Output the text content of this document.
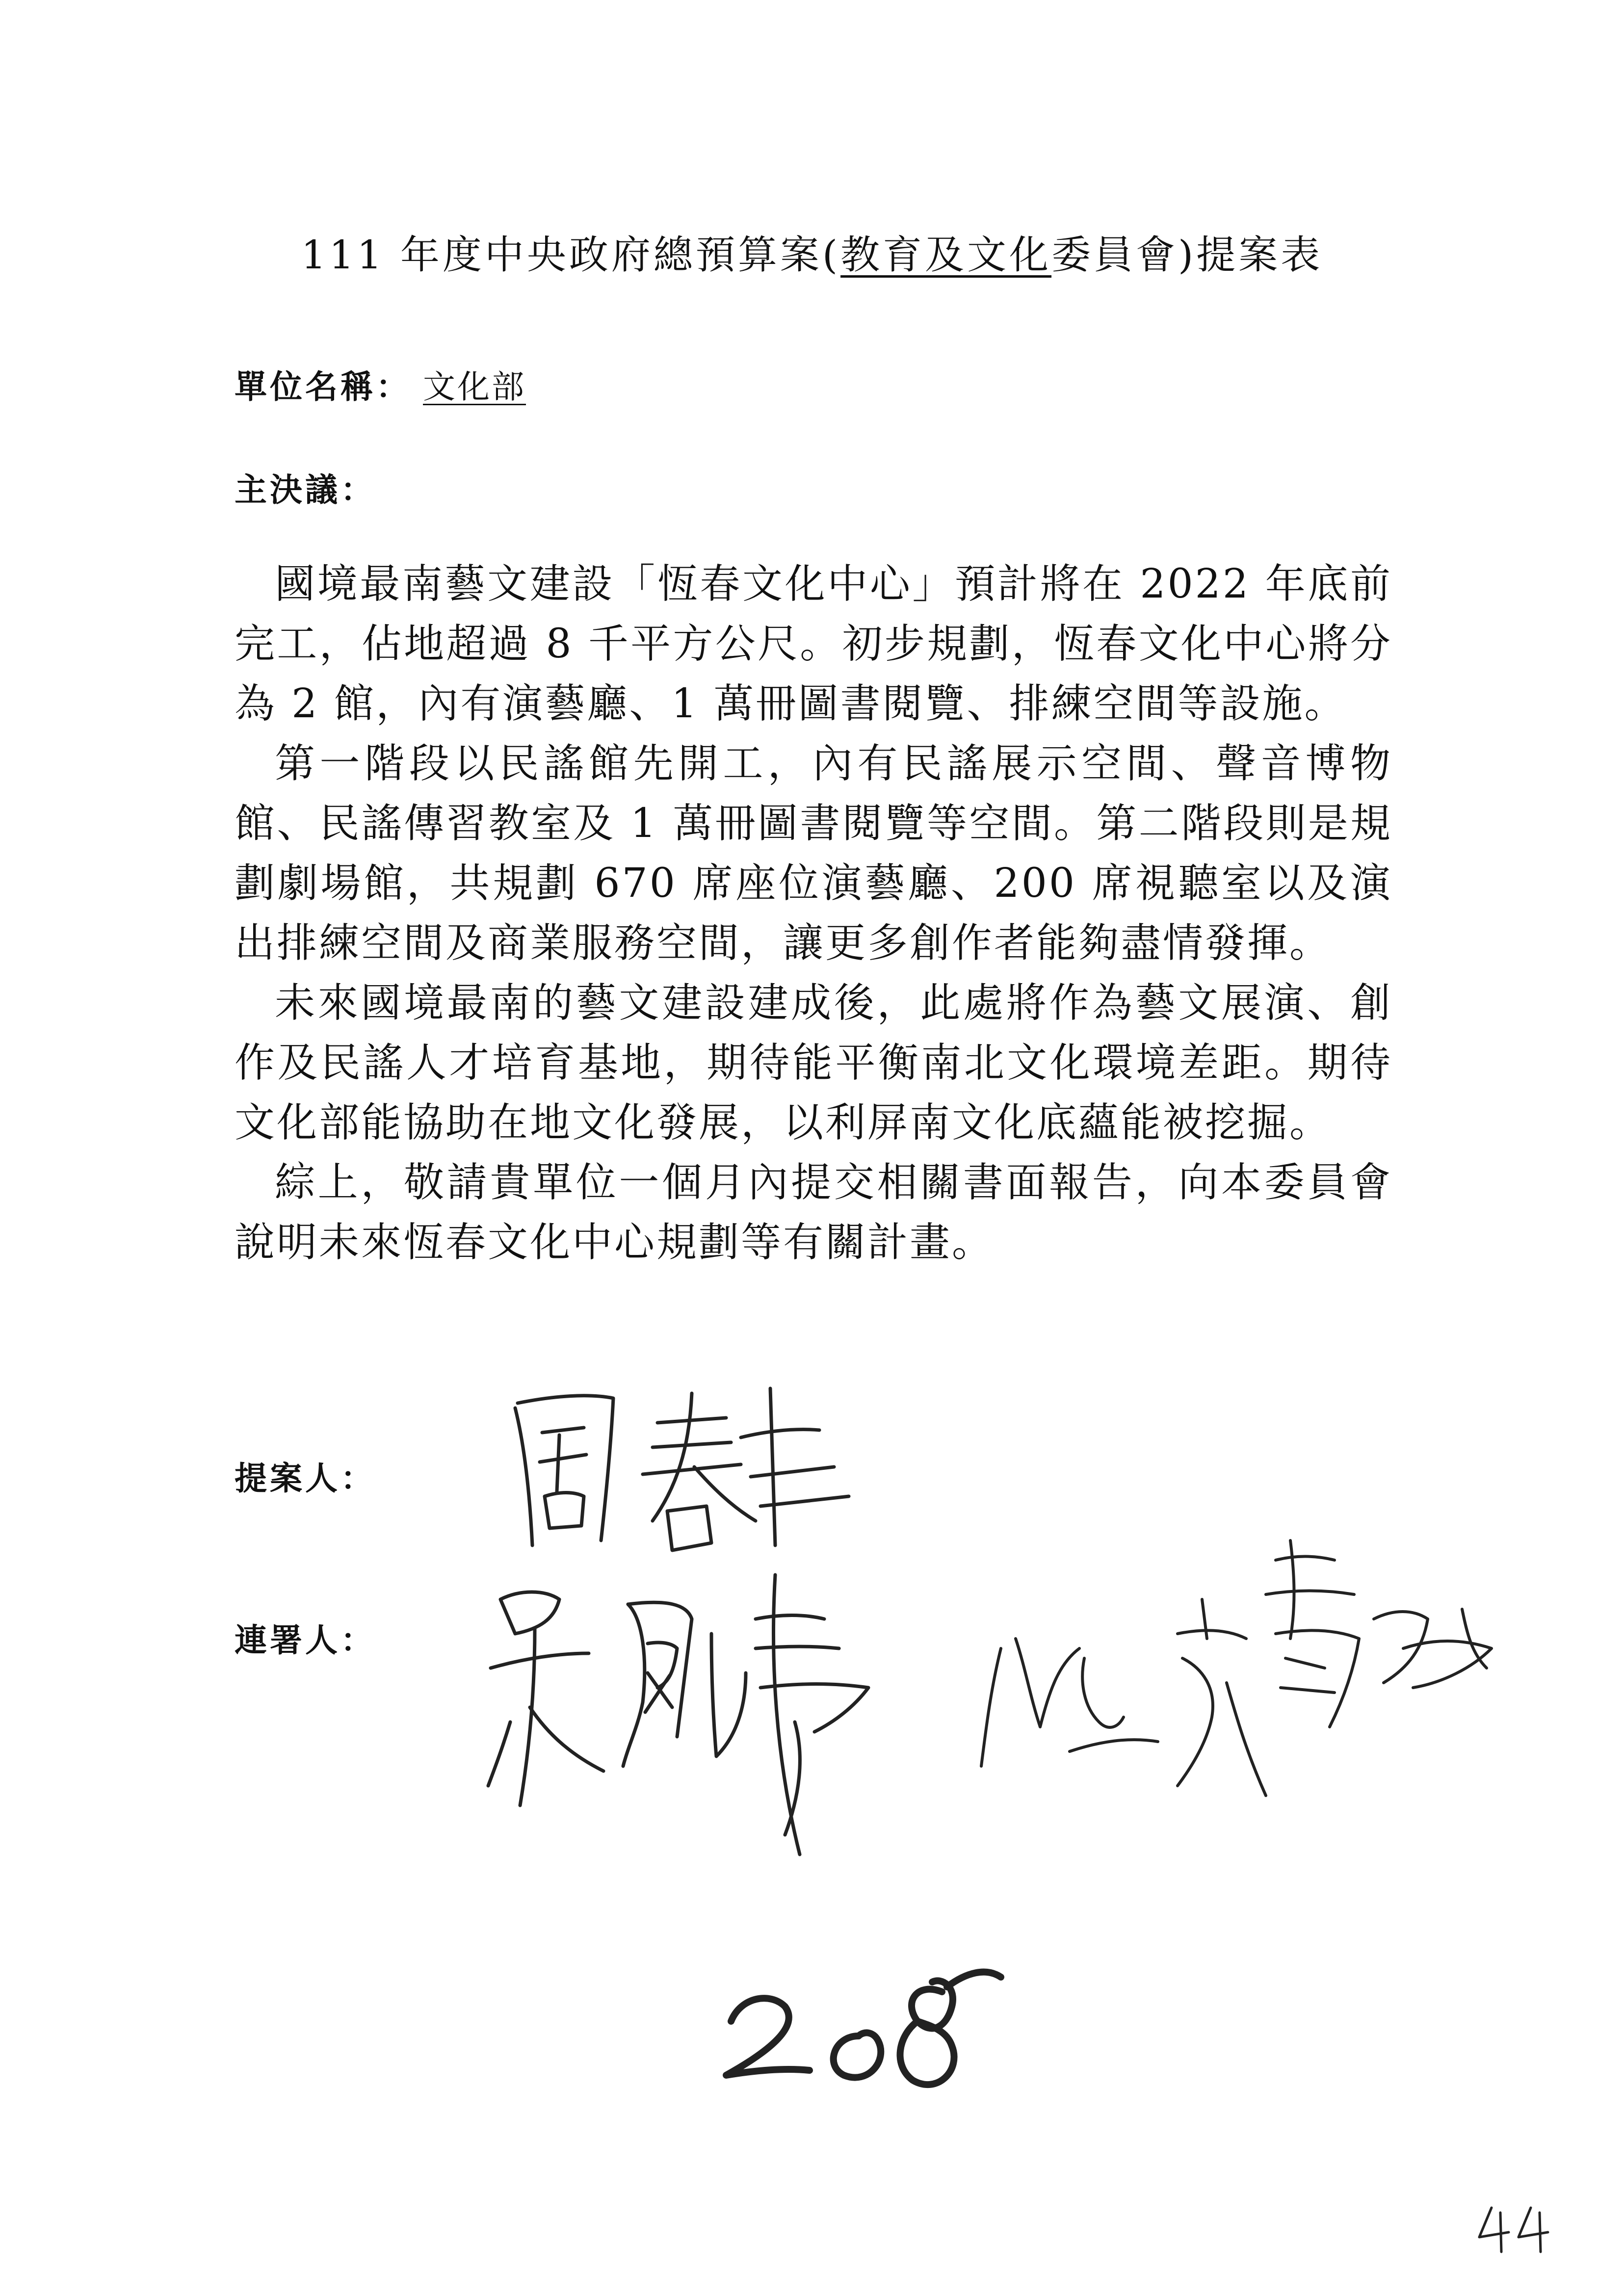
111 年度中央政府總預算案(教育及文化委員會)提案表
單位名稱： 文化部
主決議：

國境最南藝文建設「恆春文化中心」預計將在 2022 年底前完工，佔地超過 8 千平方公尺。初步規劃，恆春文化中心將分為 2 館，內有演藝廳、1 萬冊圖書閱覽、排練空間等設施。

第一階段以民謠館先開工，內有民謠展示空間、聲音博物館、民謠傳習教室及 1 萬冊圖書閱覽等空間。第二階段則是規劃劇場館，共規劃 670 席座位演藝廳、200 席視聽室以及演出排練空間及商業服務空間，讓更多創作者能夠盡情發揮。

未來國境最南的藝文建設建成後，此處將作為藝文展演、創作及民謠人才培育基地，期待能平衡南北文化環境差距。期待文化部能協助在地文化發展，以利屏南文化底蘊能被挖掘。

綜上，敬請貴單位一個月內提交相關書面報告，向本委員會說明未來恆春文化中心規劃等有關計畫。

提案人：
連署人：
